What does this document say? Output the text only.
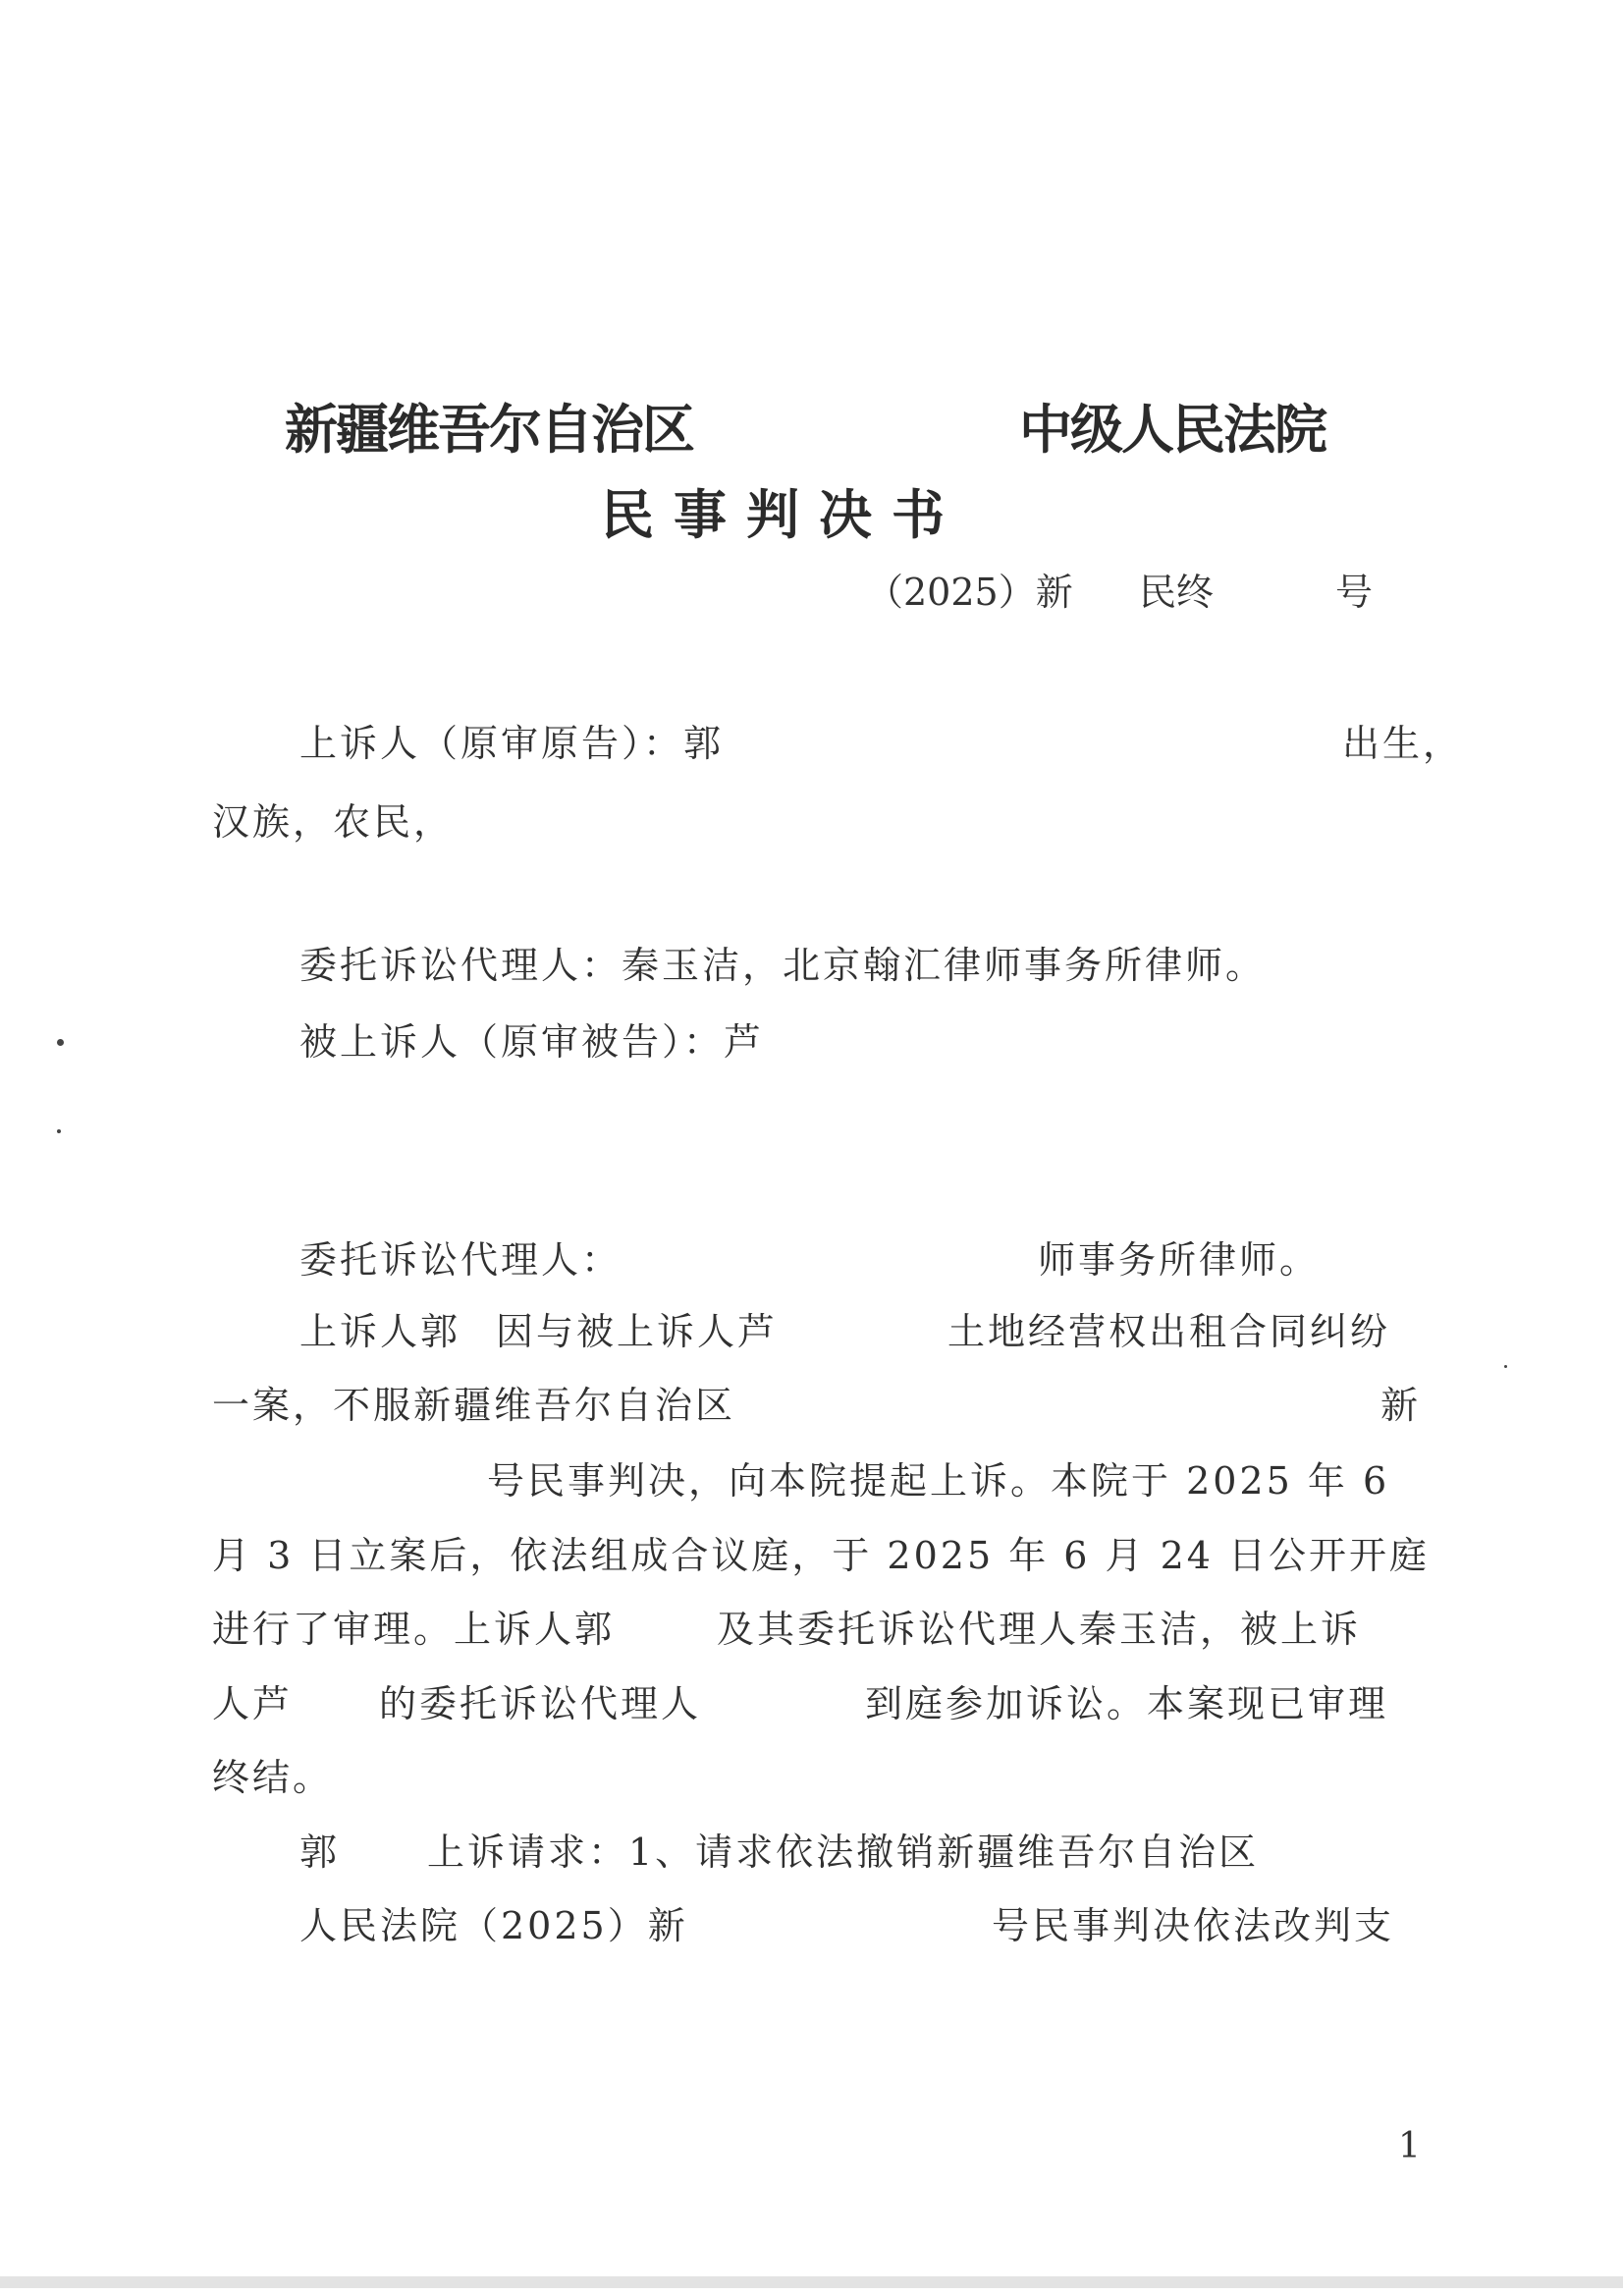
新疆维吾尔自治区	中级人民法院
民事判决书
（2025）新 民终	号
上诉人（原审原告）：郭	出生，
汉族，农民，
委托诉讼代理人：秦玉洁，北京翰汇律师事务所律师。
被上诉人（原审被告）：芦
委托诉讼代理人：	师事务所律师。
上诉人郭 因与被上诉人芦	土地经营权出租合同纠纷
一案，不服新疆维吾尔自治区	新
号民事判决，向本院提起上诉。本院于 2025 年 6
月 3 日立案后，依法组成合议庭，于 2025 年 6 月 24 日公开开庭
进行了审理。上诉人郭	及其委托诉讼代理人秦玉洁，被上诉
人芦 的委托诉讼代理人	到庭参加诉讼。本案现已审理
终结。
郭 上诉请求：1、请求依法撤销新疆维吾尔自治区
人民法院（2025）新	号民事判决依法改判支
1
